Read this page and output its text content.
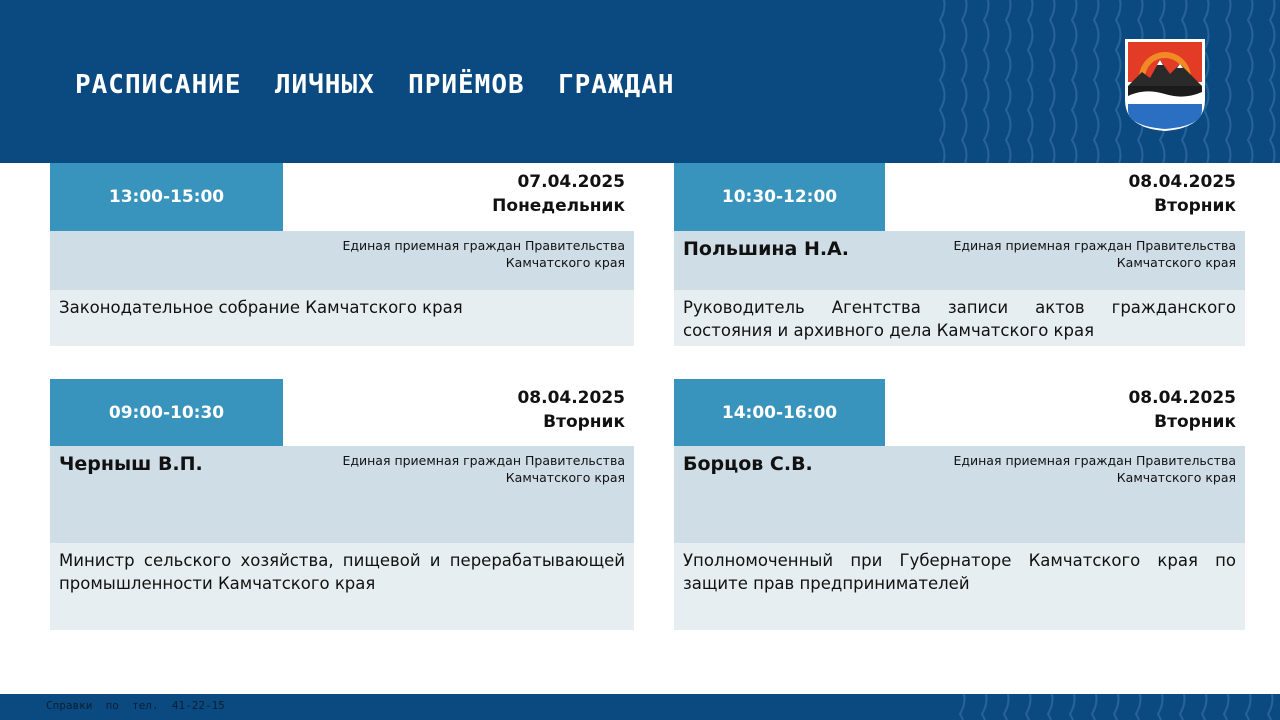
РАСПИСАНИЕ  ЛИЧНЫХ  ПРИЁМОВ  ГРАЖДАН
13:00-15:00
07.04.2025
Понедельник
Единая приемная граждан Правительства
Камчатского края
Законодательное собрание Камчатского края
10:30-12:00
08.04.2025
Вторник
Польшина Н.А.	Единая приемная граждан Правительства
Камчатского края
Руководитель Агентства записи актов гражданского состояния и архивного дела Камчатского края
09:00-10:30
08.04.2025
Вторник
Черныш В.П.	Единая приемная граждан Правительства
Камчатского края
Министр сельского хозяйства, пищевой и перерабатывающей промышленности Камчатского края
14:00-16:00
08.04.2025
Вторник
Борцов С.В.	Единая приемная граждан Правительства
Камчатского края
Уполномоченный при Губернаторе Камчатского края по защите прав предпринимателей
Справки  по  тел.  41-22-15
